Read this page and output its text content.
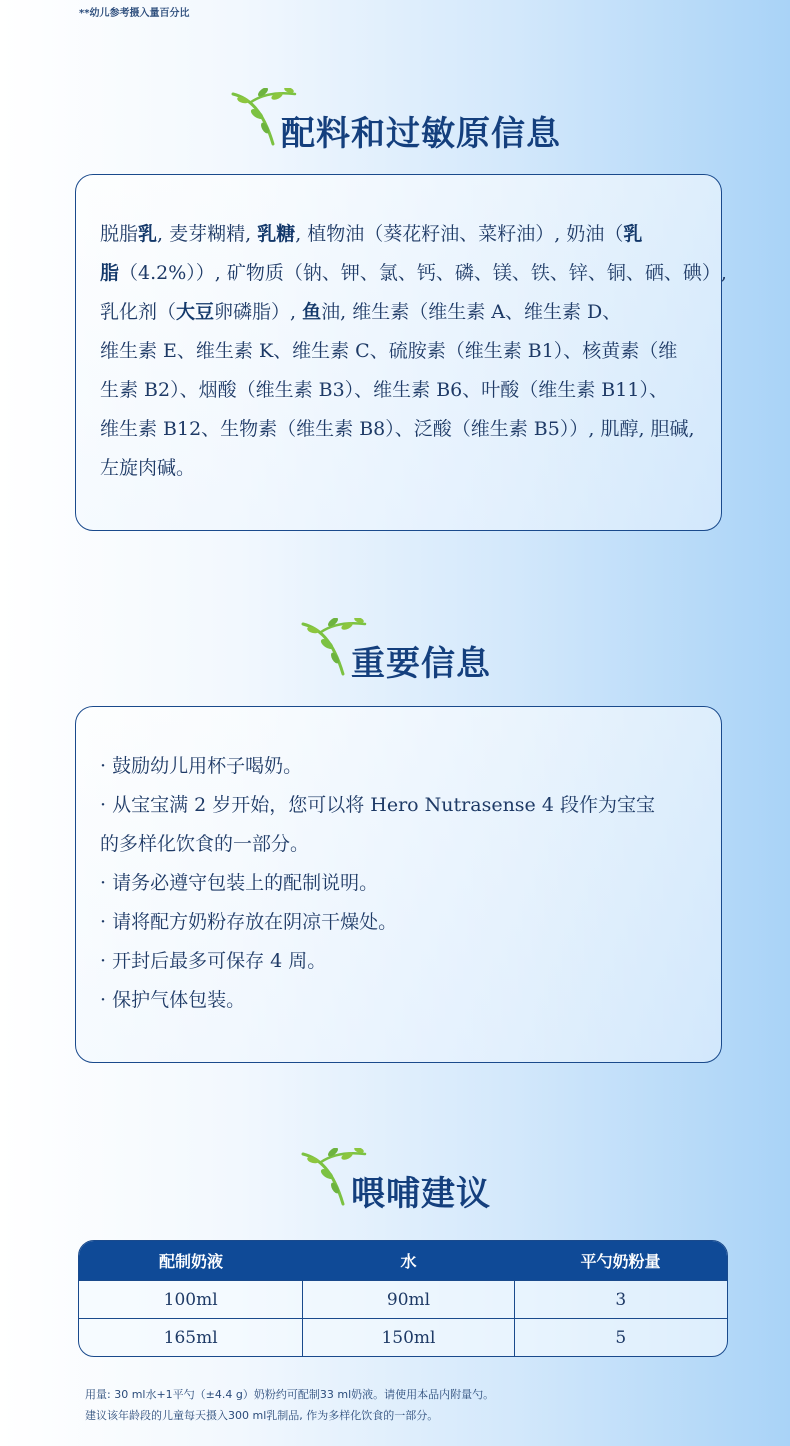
**幼儿参考摄入量百分比
配料和过敏原信息
脱脂乳, 麦芽糊精, 乳糖, 植物油（葵花籽油、菜籽油）, 奶油（乳
脂（4.2%））, 矿物质（钠、钾、氯、钙、磷、镁、铁、锌、铜、硒、碘）,
乳化剂（大豆卵磷脂）, 鱼油, 维生素（维生素 A、维生素 D、
维生素 E、维生素 K、维生素 C、硫胺素（维生素 B1）、核黄素（维
生素 B2）、烟酸（维生素 B3）、维生素 B6、叶酸（维生素 B11）、
维生素 B12、生物素（维生素 B8）、泛酸（维生素 B5））, 肌醇, 胆碱,
左旋肉碱。
重要信息
· 鼓励幼儿用杯子喝奶。
· 从宝宝满 2 岁开始，您可以将 Hero Nutrasense 4 段作为宝宝
的多样化饮食的一部分。
· 请务必遵守包装上的配制说明。
· 请将配方奶粉存放在阴凉干燥处。
· 开封后最多可保存 4 周。
· 保护气体包装。
喂哺建议
配制奶液	水	平勺奶粉量
100ml	90ml	3
165ml	150ml	5
用量: 30 ml水+1平勺（±4.4 g）奶粉约可配制33 ml奶液。请使用本品内附量勺。
建议该年龄段的儿童每天摄入300 ml乳制品, 作为多样化饮食的一部分。
